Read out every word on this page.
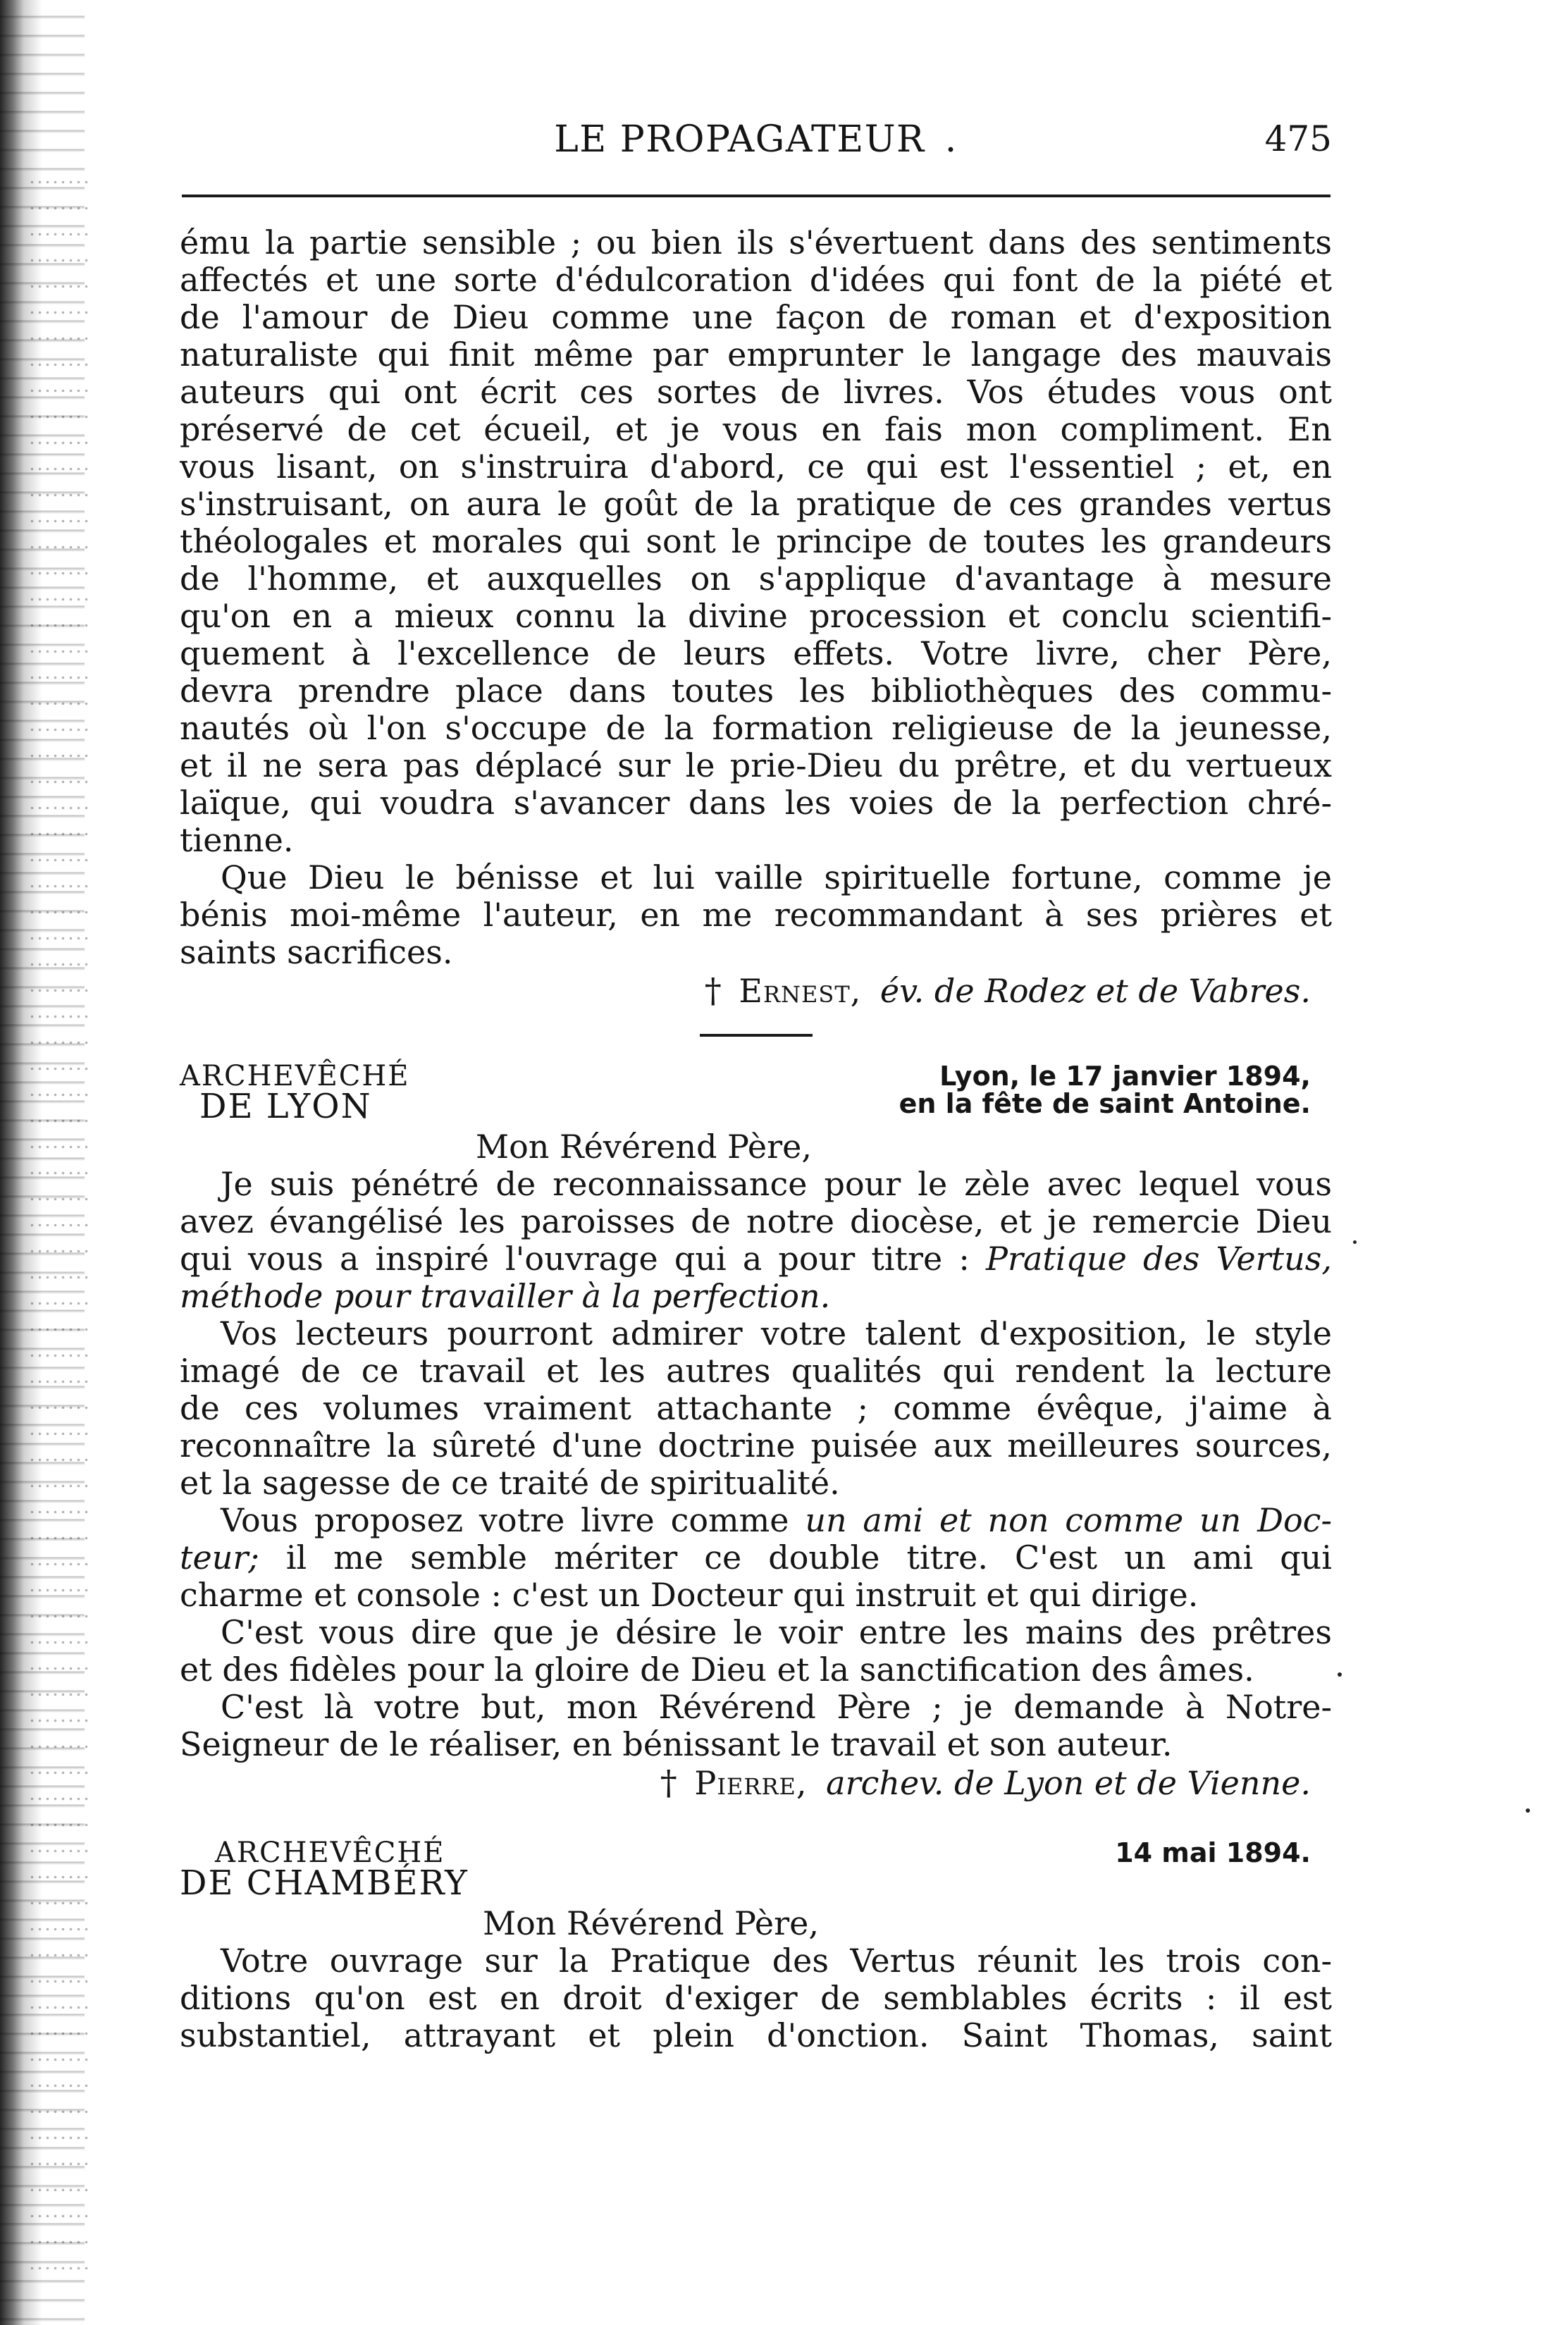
LE PROPAGATEUR .	475
ému la partie sensible ; ou bien ils s'évertuent dans des sentiments
affectés et une sorte d'édulcoration d'idées qui font de la piété et
de l'amour de Dieu comme une façon de roman et d'exposition
naturaliste qui finit même par emprunter le langage des mauvais
auteurs qui ont écrit ces sortes de livres. Vos études vous ont
préservé de cet écueil, et je vous en fais mon compliment. En
vous lisant, on s'instruira d'abord, ce qui est l'essentiel ; et, en
s'instruisant, on aura le goût de la pratique de ces grandes vertus
théologales et morales qui sont le principe de toutes les grandeurs
de l'homme, et auxquelles on s'applique d'avantage à mesure
qu'on en a mieux connu la divine procession et conclu scientifi-
quement à l'excellence de leurs effets. Votre livre, cher Père,
devra prendre place dans toutes les bibliothèques des commu-
nautés où l'on s'occupe de la formation religieuse de la jeunesse,
et il ne sera pas déplacé sur le prie-Dieu du prêtre, et du vertueux
laïque, qui voudra s'avancer dans les voies de la perfection chré-
tienne.
Que Dieu le bénisse et lui vaille spirituelle fortune, comme je
bénis moi-même l'auteur, en me recommandant à ses prières et
saints sacrifices.
† Ernest, év. de Rodez et de Vabres.
ARCHEVÊCHÉ	Lyon, le 17 janvier 1894,
DE LYON	en la fête de saint Antoine.
Mon Révérend Père,
Je suis pénétré de reconnaissance pour le zèle avec lequel vous
avez évangélisé les paroisses de notre diocèse, et je remercie Dieu
qui vous a inspiré l'ouvrage qui a pour titre : Pratique des Vertus,
méthode pour travailler à la perfection.
Vos lecteurs pourront admirer votre talent d'exposition, le style
imagé de ce travail et les autres qualités qui rendent la lecture
de ces volumes vraiment attachante ; comme évêque, j'aime à
reconnaître la sûreté d'une doctrine puisée aux meilleures sources,
et la sagesse de ce traité de spiritualité.
Vous proposez votre livre comme un ami et non comme un Doc-
teur; il me semble mériter ce double titre. C'est un ami qui
charme et console : c'est un Docteur qui instruit et qui dirige.
C'est vous dire que je désire le voir entre les mains des prêtres
et des fidèles pour la gloire de Dieu et la sanctification des âmes.
C'est là votre but, mon Révérend Père ; je demande à Notre-
Seigneur de le réaliser, en bénissant le travail et son auteur.
† Pierre, archev. de Lyon et de Vienne.
ARCHEVÊCHÉ	14 mai 1894.
DE CHAMBÉRY
Mon Révérend Père,
Votre ouvrage sur la Pratique des Vertus réunit les trois con-
ditions qu'on est en droit d'exiger de semblables écrits : il est
substantiel, attrayant et plein d'onction. Saint Thomas, saint
